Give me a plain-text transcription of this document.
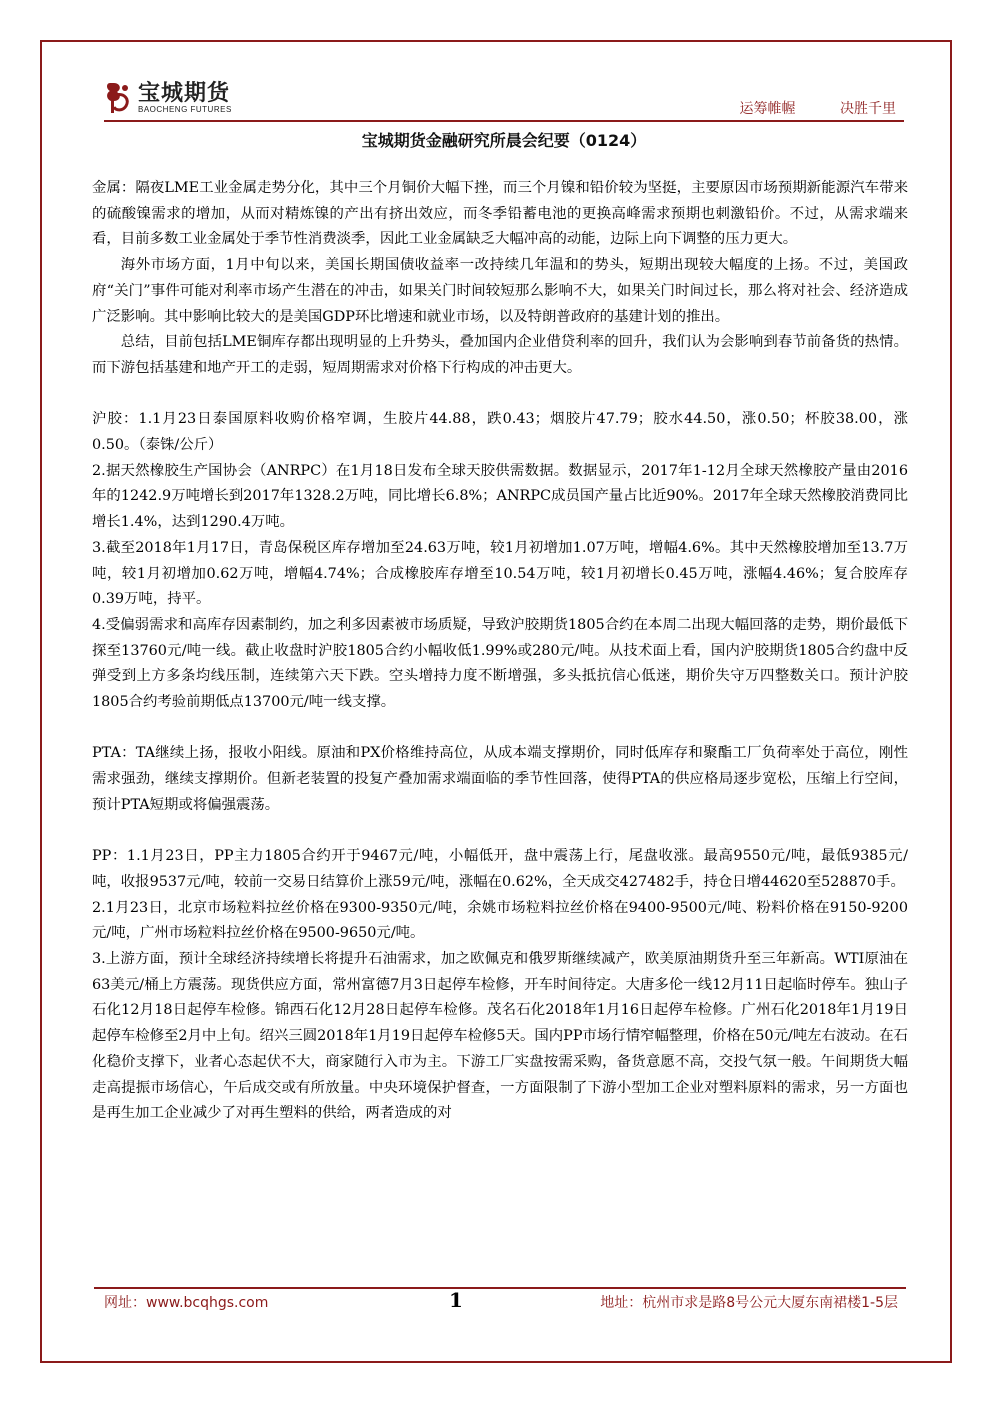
宝城期货
BAOCHENG FUTURES	运筹帷幄	决胜千里
宝城期货金融研究所晨会纪要（0124）

金属：隔夜LME工业金属走势分化，其中三个月铜价大幅下挫，而三个月镍和铅价较为坚挺，主要原因市场预期新能源汽车带来的硫酸镍需求的增加，从而对精炼镍的产出有挤出效应，而冬季铅蓄电池的更换高峰需求预期也刺激铅价。不过，从需求端来看，目前多数工业金属处于季节性消费淡季，因此工业金属缺乏大幅冲高的动能，边际上向下调整的压力更大。

海外市场方面，1月中旬以来，美国长期国债收益率一改持续几年温和的势头，短期出现较大幅度的上扬。不过，美国政府“关门”事件可能对利率市场产生潜在的冲击，如果关门时间较短那么影响不大，如果关门时间过长，那么将对社会、经济造成广泛影响。其中影响比较大的是美国GDP环比增速和就业市场，以及特朗普政府的基建计划的推出。

总结，目前包括LME铜库存都出现明显的上升势头，叠加国内企业借贷利率的回升，我们认为会影响到春节前备货的热情。而下游包括基建和地产开工的走弱，短周期需求对价格下行构成的冲击更大。

沪胶：1.1月23日泰国原料收购价格窄调，生胶片44.88，跌0.43；烟胶片47.79；胶水44.50，涨0.50；杯胶38.00，涨0.50。（泰铢/公斤）

2.据天然橡胶生产国协会（ANRPC）在1月18日发布全球天胶供需数据。数据显示，2017年1-12月全球天然橡胶产量由2016年的1242.9万吨增长到2017年1328.2万吨，同比增长6.8%；ANRPC成员国产量占比近90%。2017年全球天然橡胶消费同比增长1.4%，达到1290.4万吨。

3.截至2018年1月17日，青岛保税区库存增加至24.63万吨，较1月初增加1.07万吨，增幅4.6%。其中天然橡胶增加至13.7万吨，较1月初增加0.62万吨，增幅4.74%；合成橡胶库存增至10.54万吨，较1月初增长0.45万吨，涨幅4.46%；复合胶库存0.39万吨，持平。

4.受偏弱需求和高库存因素制约，加之利多因素被市场质疑，导致沪胶期货1805合约在本周二出现大幅回落的走势，期价最低下探至13760元/吨一线。截止收盘时沪胶1805合约小幅收低1.99%或280元/吨。从技术面上看，国内沪胶期货1805合约盘中反弹受到上方多条均线压制，连续第六天下跌。空头增持力度不断增强，多头抵抗信心低迷，期价失守万四整数关口。预计沪胶1805合约考验前期低点13700元/吨一线支撑。

PTA：TA继续上扬，报收小阳线。原油和PX价格维持高位，从成本端支撑期价，同时低库存和聚酯工厂负荷率处于高位，刚性需求强劲，继续支撑期价。但新老装置的投复产叠加需求端面临的季节性回落，使得PTA的供应格局逐步宽松，压缩上行空间，预计PTA短期或将偏强震荡。

PP：1.1月23日，PP主力1805合约开于9467元/吨，小幅低开，盘中震荡上行，尾盘收涨。最高9550元/吨，最低9385元/吨，收报9537元/吨，较前一交易日结算价上涨59元/吨，涨幅在0.62%，全天成交427482手，持仓日增44620至528870手。

2.1月23日，北京市场粒料拉丝价格在9300-9350元/吨，余姚市场粒料拉丝价格在9400-9500元/吨、粉料价格在9150-9200元/吨，广州市场粒料拉丝价格在9500-9650元/吨。

3.上游方面，预计全球经济持续增长将提升石油需求，加之欧佩克和俄罗斯继续减产，欧美原油期货升至三年新高。WTI原油在63美元/桶上方震荡。现货供应方面，常州富德7月3日起停车检修，开车时间待定。大唐多伦一线12月11日起临时停车。独山子石化12月18日起停车检修。锦西石化12月28日起停车检修。茂名石化2018年1月16日起停车检修。广州石化2018年1月19日起停车检修至2月中上旬。绍兴三圆2018年1月19日起停车检修5天。国内PP市场行情窄幅整理，价格在50元/吨左右波动。在石化稳价支撑下，业者心态起伏不大，商家随行入市为主。下游工厂实盘按需采购，备货意愿不高，交投气氛一般。午间期货大幅走高提振市场信心，午后成交或有所放量。中央环境保护督查，一方面限制了下游小型加工企业对塑料原料的需求，另一方面也是再生加工企业减少了对再生塑料的供给，两者造成的对

网址：www.bcqhgs.com	1	地址：杭州市求是路8号公元大厦东南裙楼1-5层
